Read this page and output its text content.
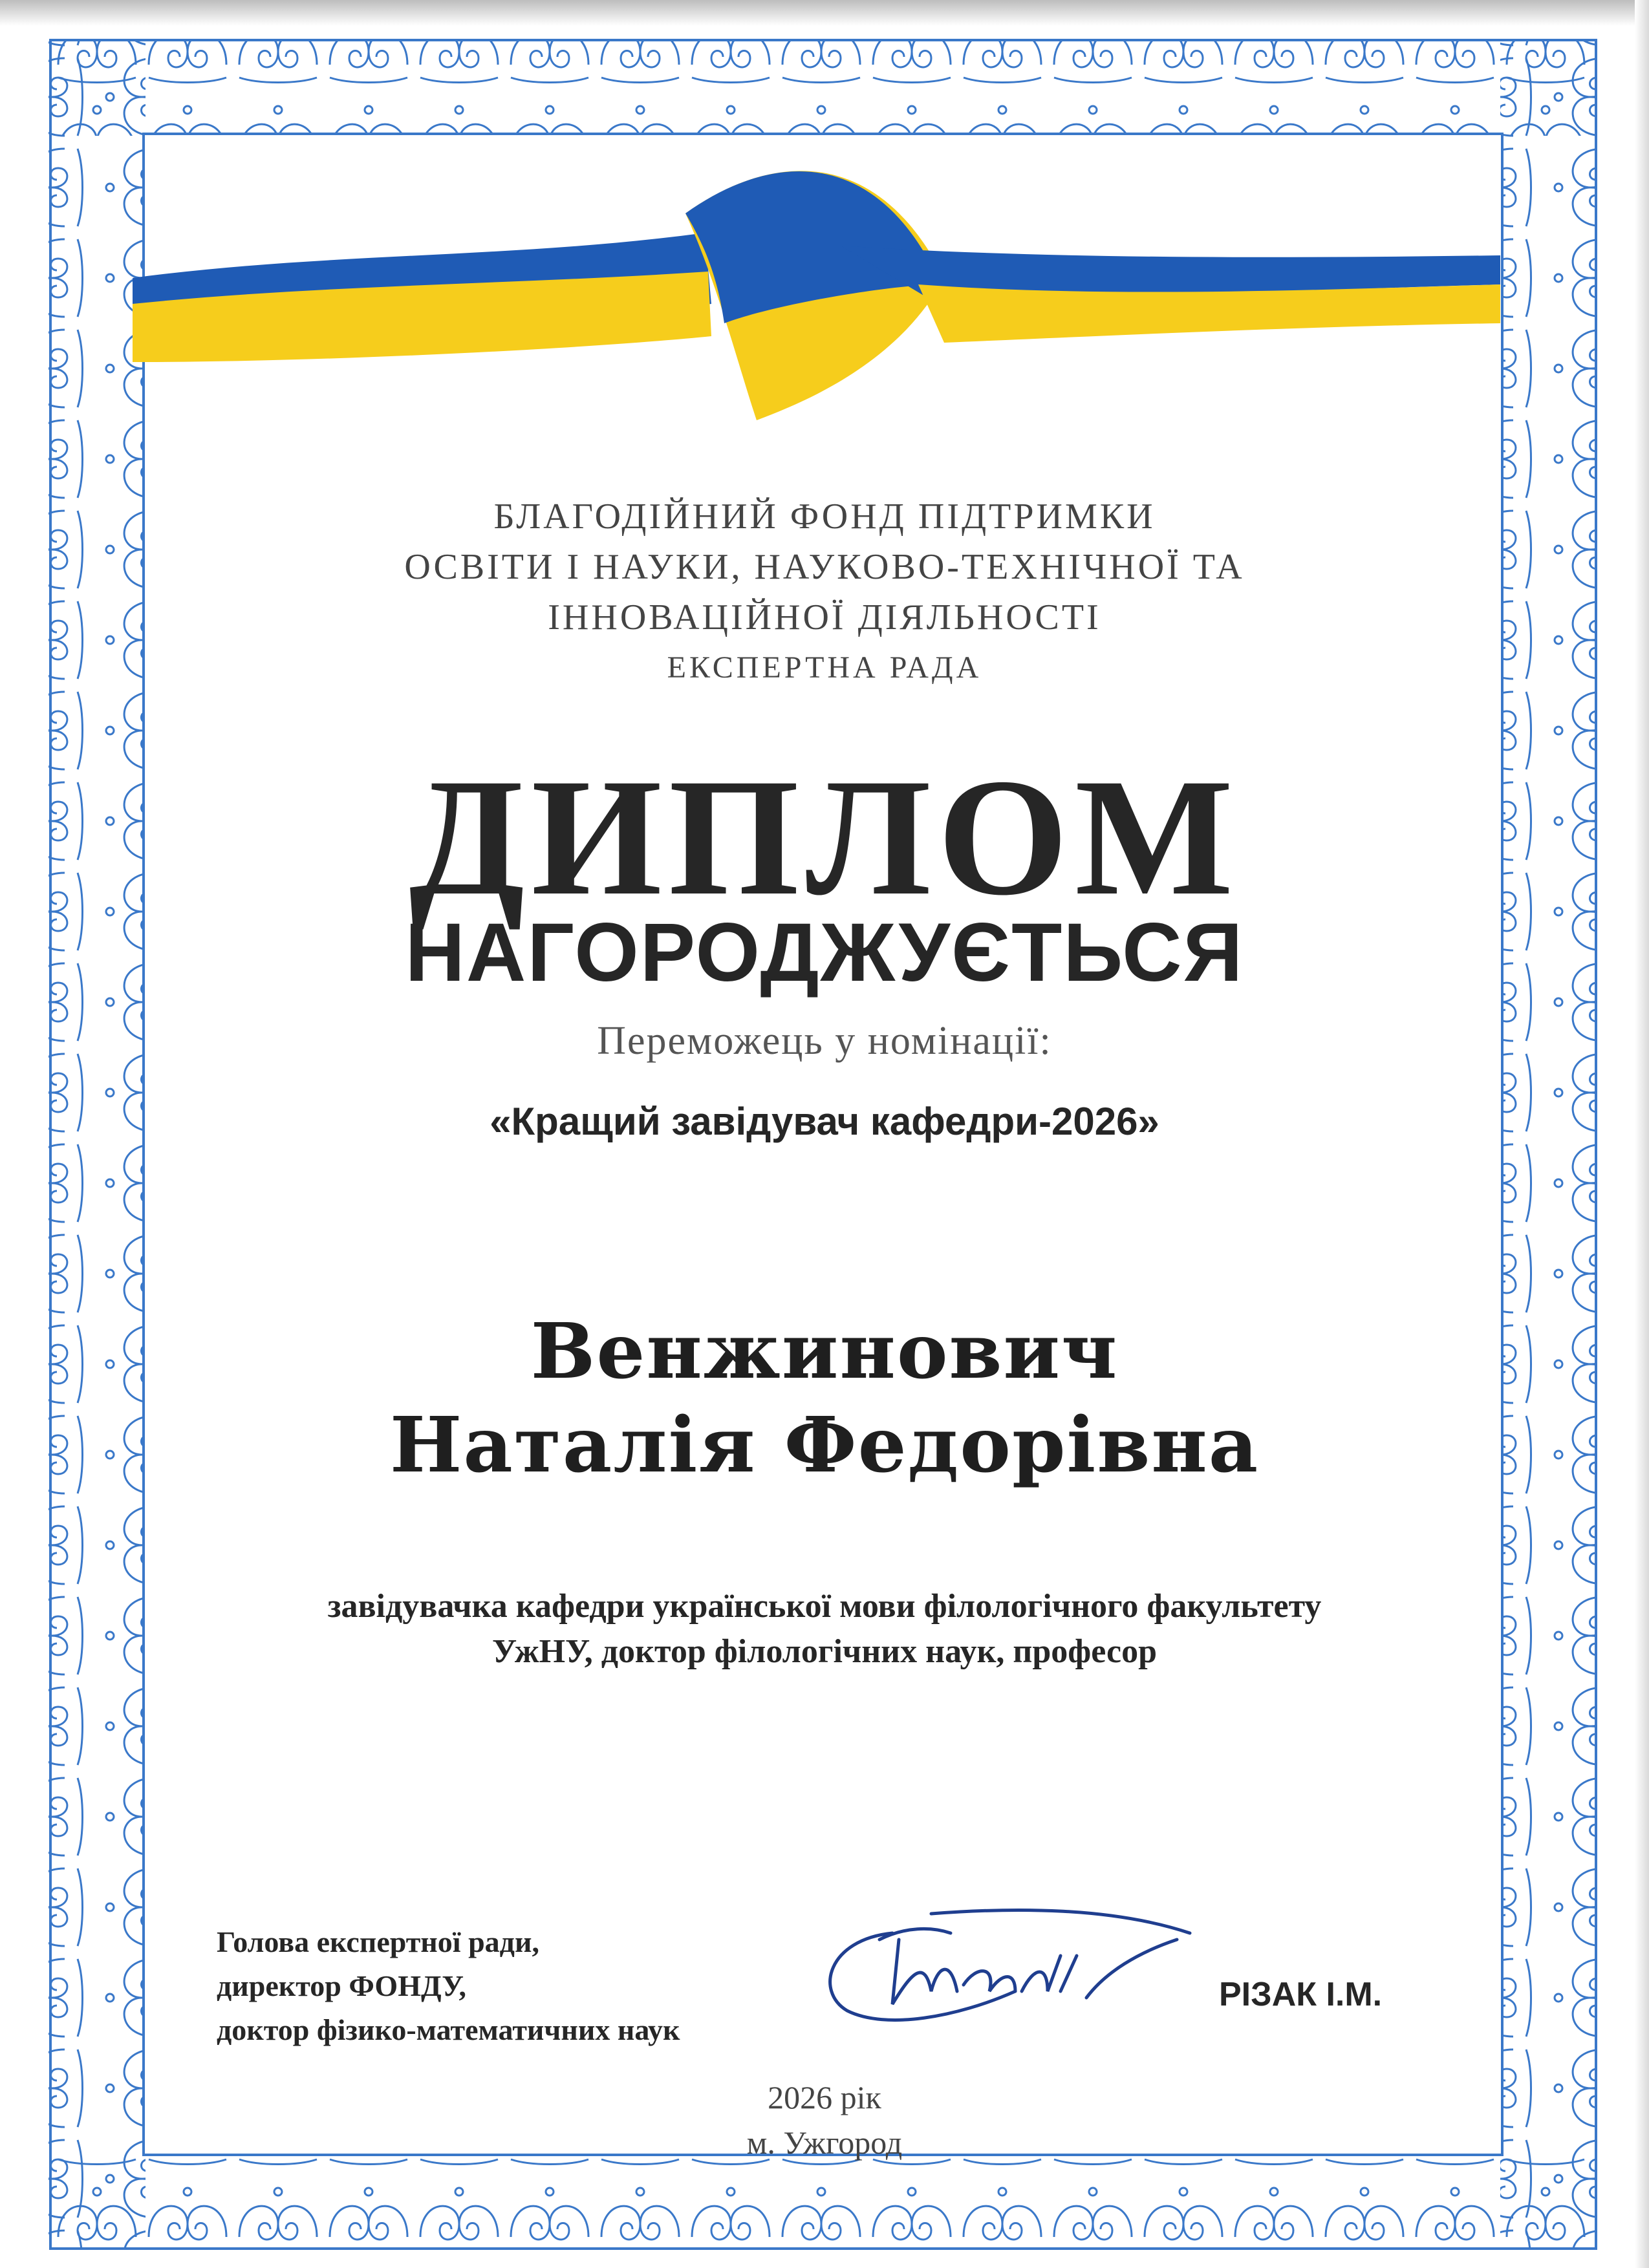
БЛАГОДІЙНИЙ ФОНД ПІДТРИМКИ
ОСВІТИ І НАУКИ, НАУКОВО-ТЕХНІЧНОЇ ТА
ІННОВАЦІЙНОЇ ДІЯЛЬНОСТІ
ЕКСПЕРТНА РАДА
ДИПЛОМ
НАГОРОДЖУЄТЬСЯ
Переможець у номінації:
«Кращий завідувач кафедри-2026»
Венжинович
Наталія Федорівна
завідувачка кафедри української мови філологічного факультету
УжНУ, доктор філологічних наук, професор
Голова експертної ради,
директор ФОНДУ,
доктор фізико-математичних наук
РІЗАК І.М.
2026 рік
м. Ужгород
